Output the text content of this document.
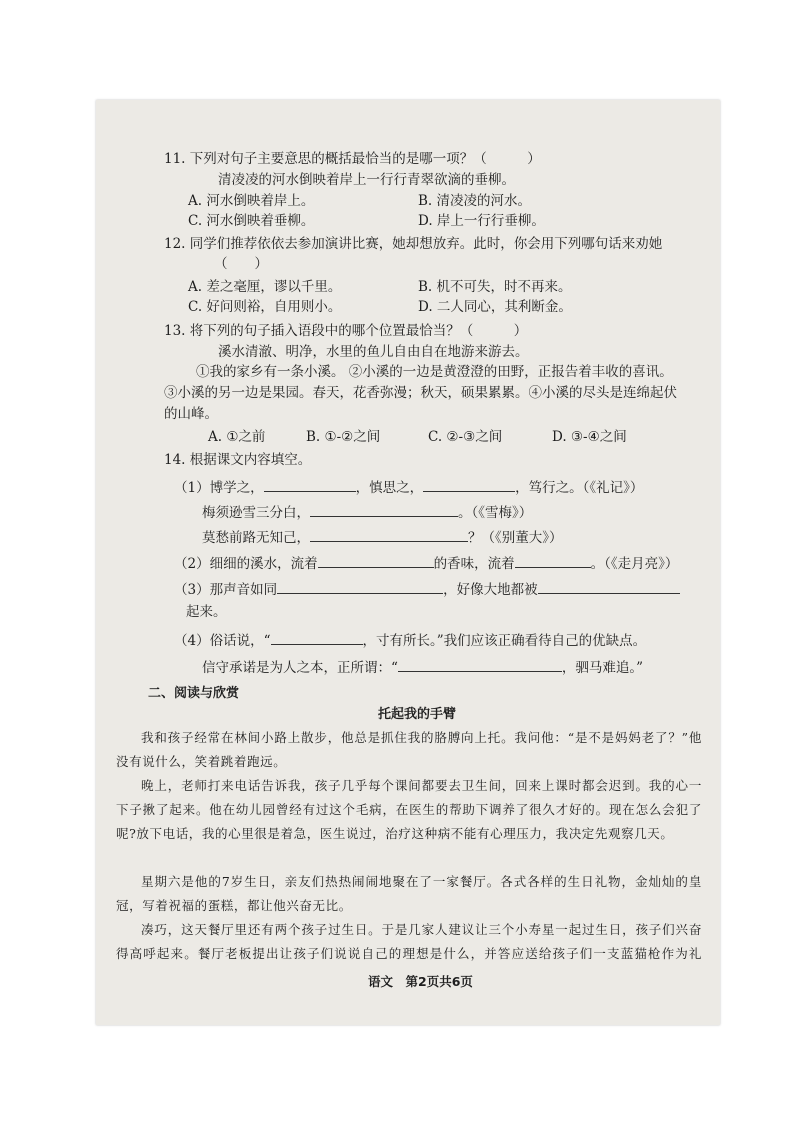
11. 下列对句子主要意思的概括最恰当的是哪一项？（　　　）
清凌凌的河水倒映着岸上一行行青翠欲滴的垂柳。
A. 河水倒映着岸上。	B. 清凌凌的河水。
C. 河水倒映着垂柳。	D. 岸上一行行垂柳。
12. 同学们推荐依依去参加演讲比赛，她却想放弃。此时，你会用下列哪句话来劝她
（　　）
A. 差之毫厘，谬以千里。	B. 机不可失，时不再来。
C. 好问则裕，自用则小。	D. 二人同心，其利断金。
13. 将下列的句子插入语段中的哪个位置最恰当？（　　　）
溪水清澈、明净，水里的鱼儿自由自在地游来游去。
①我的家乡有一条小溪。 ②小溪的一边是黄澄澄的田野，正报告着丰收的喜讯。
③小溪的另一边是果园。春天，花香弥漫；秋天，硕果累累。④小溪的尽头是连绵起伏
的山峰。
A. ①之前	B. ①-②之间	C. ②-③之间	D. ③-④之间
14. 根据课文内容填空。
（1）博学之，	，慎思之，	，笃行之。（《礼记》）
梅须逊雪三分白，	。（《雪梅》）
莫愁前路无知己，	？（《别董大》）
（2）细细的溪水，流着	的香味，流着	。（《走月亮》）
（3）那声音如同	，好像大地都被
起来。
（4）俗话说，“	，寸有所长。”我们应该正确看待自己的优缺点。
信守承诺是为人之本，正所谓：“	，驷马难追。”
二、阅读与欣赏
托起我的手臂
我和孩子经常在林间小路上散步，他总是抓住我的胳膊向上托。我问他：“是不是妈妈老了？”他没有说什么，笑着跳着跑远。
晚上，老师打来电话告诉我，孩子几乎每个课间都要去卫生间，回来上课时都会迟到。我的心一下子揪了起来。他在幼儿园曾经有过这个毛病，在医生的帮助下调养了很久才好的。现在怎么会犯了呢?放下电话，我的心里很是着急，医生说过，治疗这种病不能有心理压力，我决定先观察几天。
星期六是他的7岁生日，亲友们热热闹闹地聚在了一家餐厅。各式各样的生日礼物，金灿灿的皇冠，写着祝福的蛋糕，都让他兴奋无比。
凑巧，这天餐厅里还有两个孩子过生日。于是几家人建议让三个小寿星一起过生日，孩子们兴奋得高呼起来。餐厅老板提出让孩子们说说自己的理想是什么，并答应送给孩子们一支蓝猫枪作为礼
语文　第2页共6页
